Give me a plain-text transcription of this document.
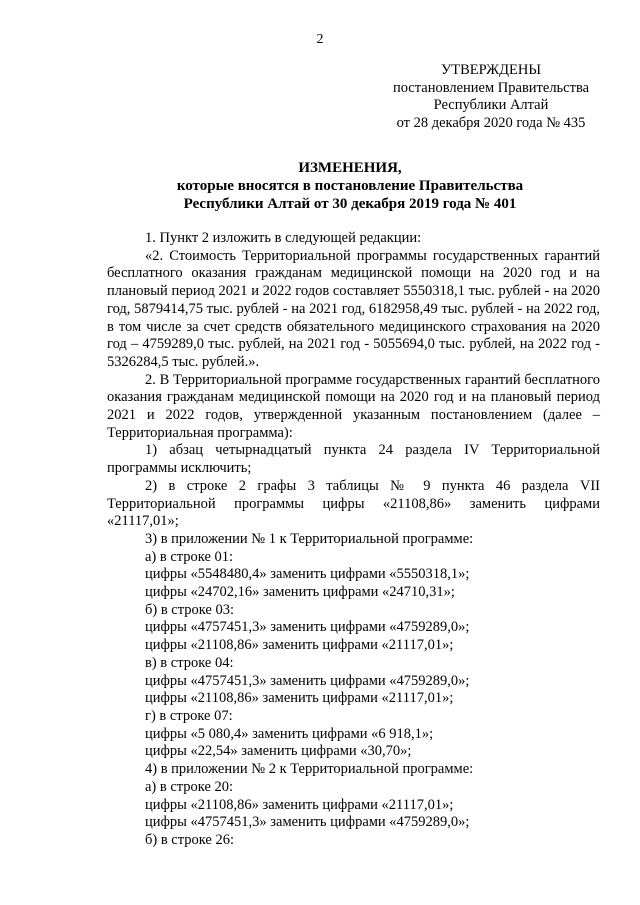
2
УТВЕРЖДЕНЫ
постановлением Правительства
Республики Алтай
от 28 декабря 2020 года № 435
ИЗМЕНЕНИЯ,
которые вносятся в постановление Правительства
Республики Алтай от 30 декабря 2019 года № 401

1. Пункт 2 изложить в следующей редакции:

«2. Стоимость Территориальной программы государственных гарантий бесплатного оказания гражданам медицинской помощи на 2020 год и на плановый период 2021 и 2022 годов составляет 5550318,1 тыс. рублей - на 2020 год, 5879414,75 тыс. рублей - на 2021 год, 6182958,49 тыс. рублей - на 2022 год, в том числе за счет средств обязательного медицинского страхования на 2020 год – 4759289,0 тыс. рублей, на 2021 год - 5055694,0 тыс. рублей, на 2022 год - 5326284,5 тыс. рублей.».

2. В Территориальной программе государственных гарантий бесплатного оказания гражданам медицинской помощи на 2020 год и на плановый период 2021 и 2022 годов, утвержденной указанным постановлением (далее – Территориальная программа):

1) абзац четырнадцатый пункта 24 раздела IV Территориальной программы исключить;

2) в строке 2 графы 3 таблицы № 9 пункта 46 раздела VII Территориальной программы цифры «21108,86» заменить цифрами «21117,01»;

3) в приложении № 1 к Территориальной программе:

а) в строке 01:

цифры «5548480,4» заменить цифрами «5550318,1»;

цифры «24702,16» заменить цифрами «24710,31»;

б) в строке 03:

цифры «4757451,3» заменить цифрами «4759289,0»;

цифры «21108,86» заменить цифрами «21117,01»;

в) в строке 04:

цифры «4757451,3» заменить цифрами «4759289,0»;

цифры «21108,86» заменить цифрами «21117,01»;

г) в строке 07:

цифры «5 080,4» заменить цифрами «6 918,1»;

цифры «22,54» заменить цифрами «30,70»;

4) в приложении № 2 к Территориальной программе:

а) в строке 20:

цифры «21108,86» заменить цифрами «21117,01»;

цифры «4757451,3» заменить цифрами «4759289,0»;

б) в строке 26:
